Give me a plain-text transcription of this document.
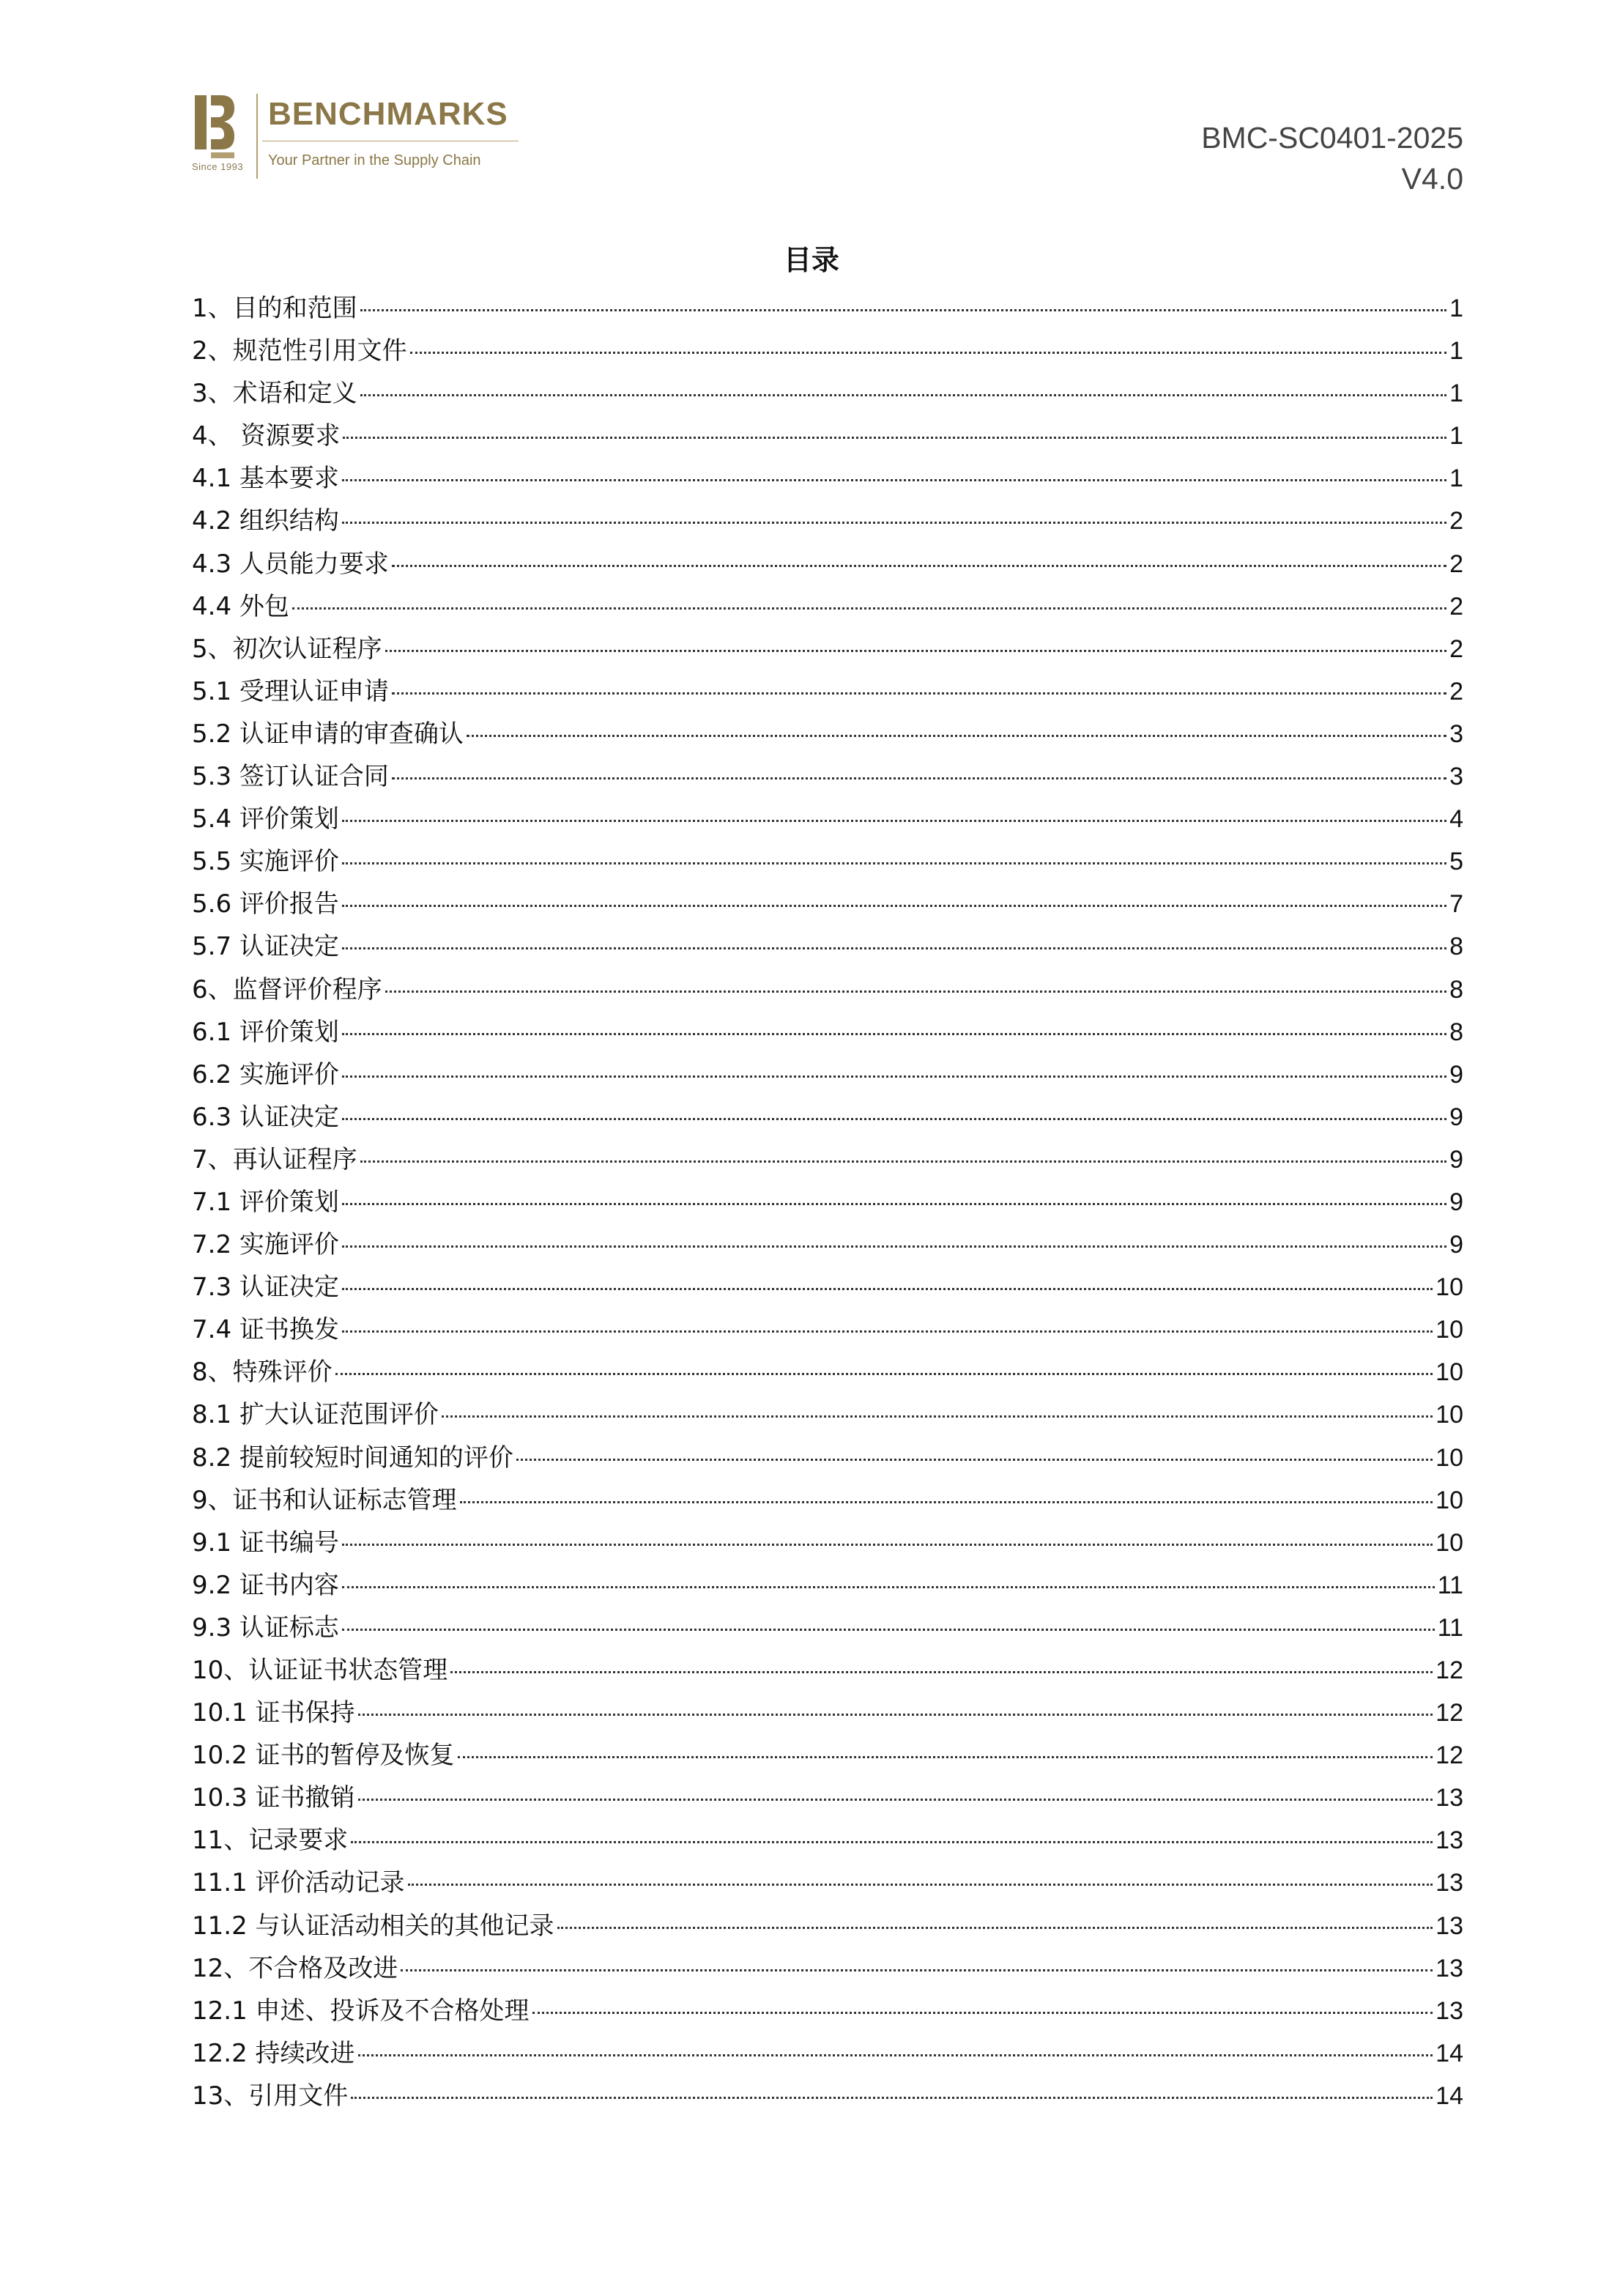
Since 1993
BENCHMARKS
Your Partner in the Supply Chain
BMC-SC0401-2025
V4.0
目录
1、目的和范围	1
2、规范性引用文件	1
3、术语和定义	1
4、 资源要求	1
4.1 基本要求	1
4.2 组织结构	2
4.3 人员能力要求	2
4.4 外包	2
5、初次认证程序	2
5.1 受理认证申请	2
5.2 认证申请的审查确认	3
5.3 签订认证合同	3
5.4 评价策划	4
5.5 实施评价	5
5.6 评价报告	7
5.7 认证决定	8
6、监督评价程序	8
6.1 评价策划	8
6.2 实施评价	9
6.3 认证决定	9
7、再认证程序	9
7.1 评价策划	9
7.2 实施评价	9
7.3 认证决定	10
7.4 证书换发	10
8、特殊评价	10
8.1 扩大认证范围评价	10
8.2 提前较短时间通知的评价	10
9、证书和认证标志管理	10
9.1 证书编号	10
9.2 证书内容	11
9.3 认证标志	11
10、认证证书状态管理	12
10.1 证书保持	12
10.2 证书的暂停及恢复	12
10.3 证书撤销	13
11、记录要求	13
11.1 评价活动记录	13
11.2 与认证活动相关的其他记录	13
12、不合格及改进	13
12.1 申述、投诉及不合格处理	13
12.2 持续改进	14
13、引用文件	14
